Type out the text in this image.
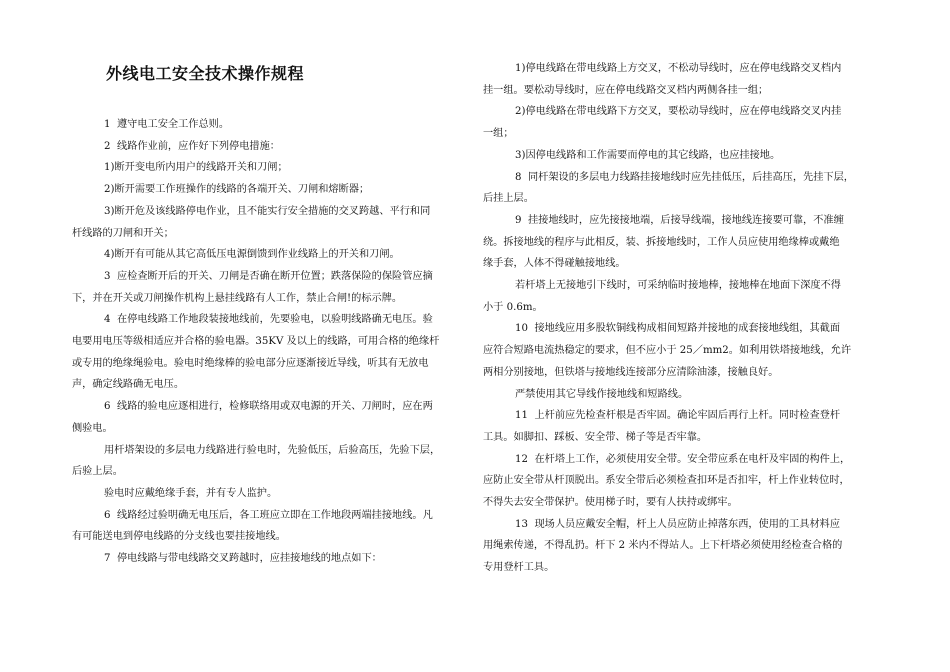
外线电工安全技术操作规程

1  遵守电工安全工作总则。

2  线路作业前，应作好下列停电措施：

1)断开变电所内用户的线路开关和刀闸；

2)断开需要工作班操作的线路的各端开关、刀闸和熔断器；

3)断开危及该线路停电作业，且不能实行安全措施的交叉跨越、平行和同

杆线路的刀闸和开关；

4)断开有可能从其它高低压电源倒馈到作业线路上的开关和刀闸。

3  应检查断开后的开关、刀闸是否确在断开位置；跌落保险的保险管应摘

下，并在开关或刀闸操作机构上悬挂线路有人工作，禁止合闸!的标示牌。

4  在停电线路工作地段装接地线前，先要验电，以验明线路确无电压。验

电要用电压等级相适应并合格的验电器。35KV 及以上的线路，可用合格的绝缘杆

或专用的绝缘绳验电。验电时绝缘棒的验电部分应逐渐接近导线，听其有无放电

声，确定线路确无电压。

6  线路的验电应逐相进行，检修联络用或双电源的开关、刀闸时，应在两

侧验电。

用杆塔架设的多层电力线路进行验电时，先验低压，后验高压，先验下层，

后验上层。

验电时应戴绝缘手套，并有专人监护。

6  线路经过验明确无电压后，各工班应立即在工作地段两端挂接地线。凡

有可能送电到停电线路的分支线也要挂接地线。

7  停电线路与带电线路交叉跨越时，应挂接地线的地点如下：

1)停电线路在带电线路上方交叉，不松动导线时，应在停电线路交叉档内

挂一组。要松动导线时，应在停电线路交叉档内两侧各挂一组；

2)停电线路在带电线路下方交叉，要松动导线时，应在停电线路交叉内挂

一组；

3)因停电线路和工作需要而停电的其它线路，也应挂接地。

8  同杆架设的多层电力线路挂接地线时应先挂低压，后挂高压，先挂下层，

后挂上层。

9  挂接地线时，应先接接地端，后接导线端，接地线连接要可靠，不准缠

绕。拆接地线的程序与此相反，装、拆接地线时，工作人员应使用绝缘棒或戴绝

缘手套，人体不得碰触接地线。

若杆塔上无接地引下线时，可采纳临时接地棒，接地棒在地面下深度不得

小于 0.6m。

10  接地线应用多股软铜线构成相间短路并接地的成套接地线组，其截面

应符合短路电流热稳定的要求，但不应小于 25／mm2。如利用铁塔接地线，允许

两相分别接地，但铁塔与接地线连接部分应清除油漆，接触良好。

严禁使用其它导线作接地线和短路线。

11  上杆前应先检查杆根是否牢固。确论牢固后再行上杆。同时检查登杆

工具。如脚扣、踩板、安全带、梯子等是否牢靠。

12  在杆塔上工作，必须使用安全带。安全带应系在电杆及牢固的构件上，

应防止安全带从杆顶脱出。系安全带后必须检查扣环是否扣牢，杆上作业转位时，

不得失去安全带保护。使用梯子时，要有人扶持或绑牢。

13  现场人员应戴安全帽，杆上人员应防止掉落东西，使用的工具材料应

用绳索传递，不得乱扔。杆下 2 米内不得站人。上下杆塔必须使用经检查合格的

专用登杆工具。
